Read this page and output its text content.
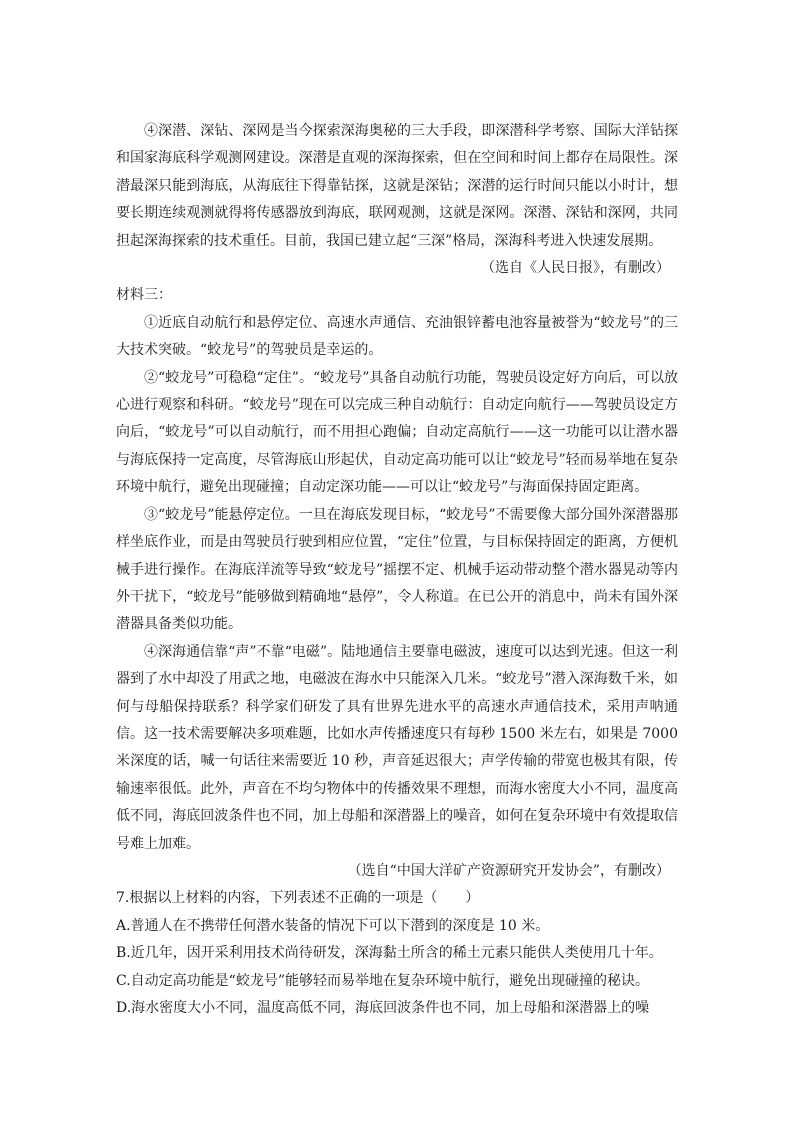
④深潜、深钻、深网是当今探索深海奥秘的三大手段，即深潜科学考察、国际大洋钻探和国家海底科学观测网建设。深潜是直观的深海探索，但在空间和时间上都存在局限性。深潜最深只能到海底，从海底往下得靠钻探，这就是深钻；深潜的运行时间只能以小时计，想要长期连续观测就得将传感器放到海底，联网观测，这就是深网。深潜、深钻和深网，共同担起深海探索的技术重任。目前，我国已建立起“三深”格局，深海科考进入快速发展期。

（选自《人民日报》，有删改）

材料三：

①近底自动航行和悬停定位、高速水声通信、充油银锌蓄电池容量被誉为“蛟龙号”的三大技术突破。“蛟龙号”的驾驶员是幸运的。

②“蛟龙号”可稳稳“定住”。“蛟龙号”具备自动航行功能，驾驶员设定好方向后，可以放心进行观察和科研。“蛟龙号”现在可以完成三种自动航行：自动定向航行——驾驶员设定方向后，“蛟龙号”可以自动航行，而不用担心跑偏；自动定高航行——这一功能可以让潜水器与海底保持一定高度，尽管海底山形起伏，自动定高功能可以让“蛟龙号”轻而易举地在复杂环境中航行，避免出现碰撞；自动定深功能——可以让“蛟龙号”与海面保持固定距离。

③“蛟龙号”能悬停定位。一旦在海底发现目标，“蛟龙号”不需要像大部分国外深潜器那样坐底作业，而是由驾驶员行驶到相应位置，“定住”位置，与目标保持固定的距离，方便机械手进行操作。在海底洋流等导致“蛟龙号”摇摆不定、机械手运动带动整个潜水器晃动等内外干扰下，“蛟龙号”能够做到精确地“悬停”，令人称道。在已公开的消息中，尚未有国外深潜器具备类似功能。

④深海通信靠“声”不靠“电磁”。陆地通信主要靠电磁波，速度可以达到光速。但这一利器到了水中却没了用武之地，电磁波在海水中只能深入几米。“蛟龙号”潜入深海数千米，如何与母船保持联系？科学家们研发了具有世界先进水平的高速水声通信技术，采用声呐通信。这一技术需要解决多项难题，比如水声传播速度只有每秒 1500 米左右，如果是 7000 米深度的话，喊一句话往来需要近 10 秒，声音延迟很大；声学传输的带宽也极其有限，传输速率很低。此外，声音在不均匀物体中的传播效果不理想，而海水密度大小不同，温度高低不同，海底回波条件也不同，加上母船和深潜器上的噪音，如何在复杂环境中有效提取信号难上加难。

（选自“中国大洋矿产资源研究开发协会”，有删改）

7.根据以上材料的内容，下列表述不正确的一项是（　　）

A.普通人在不携带任何潜水装备的情况下可以下潜到的深度是 10 米。

B.近几年，因开采利用技术尚待研发，深海黏土所含的稀土元素只能供人类使用几十年。

C.自动定高功能是“蛟龙号”能够轻而易举地在复杂环境中航行，避免出现碰撞的秘诀。

D.海水密度大小不同，温度高低不同，海底回波条件也不同，加上母船和深潜器上的噪
